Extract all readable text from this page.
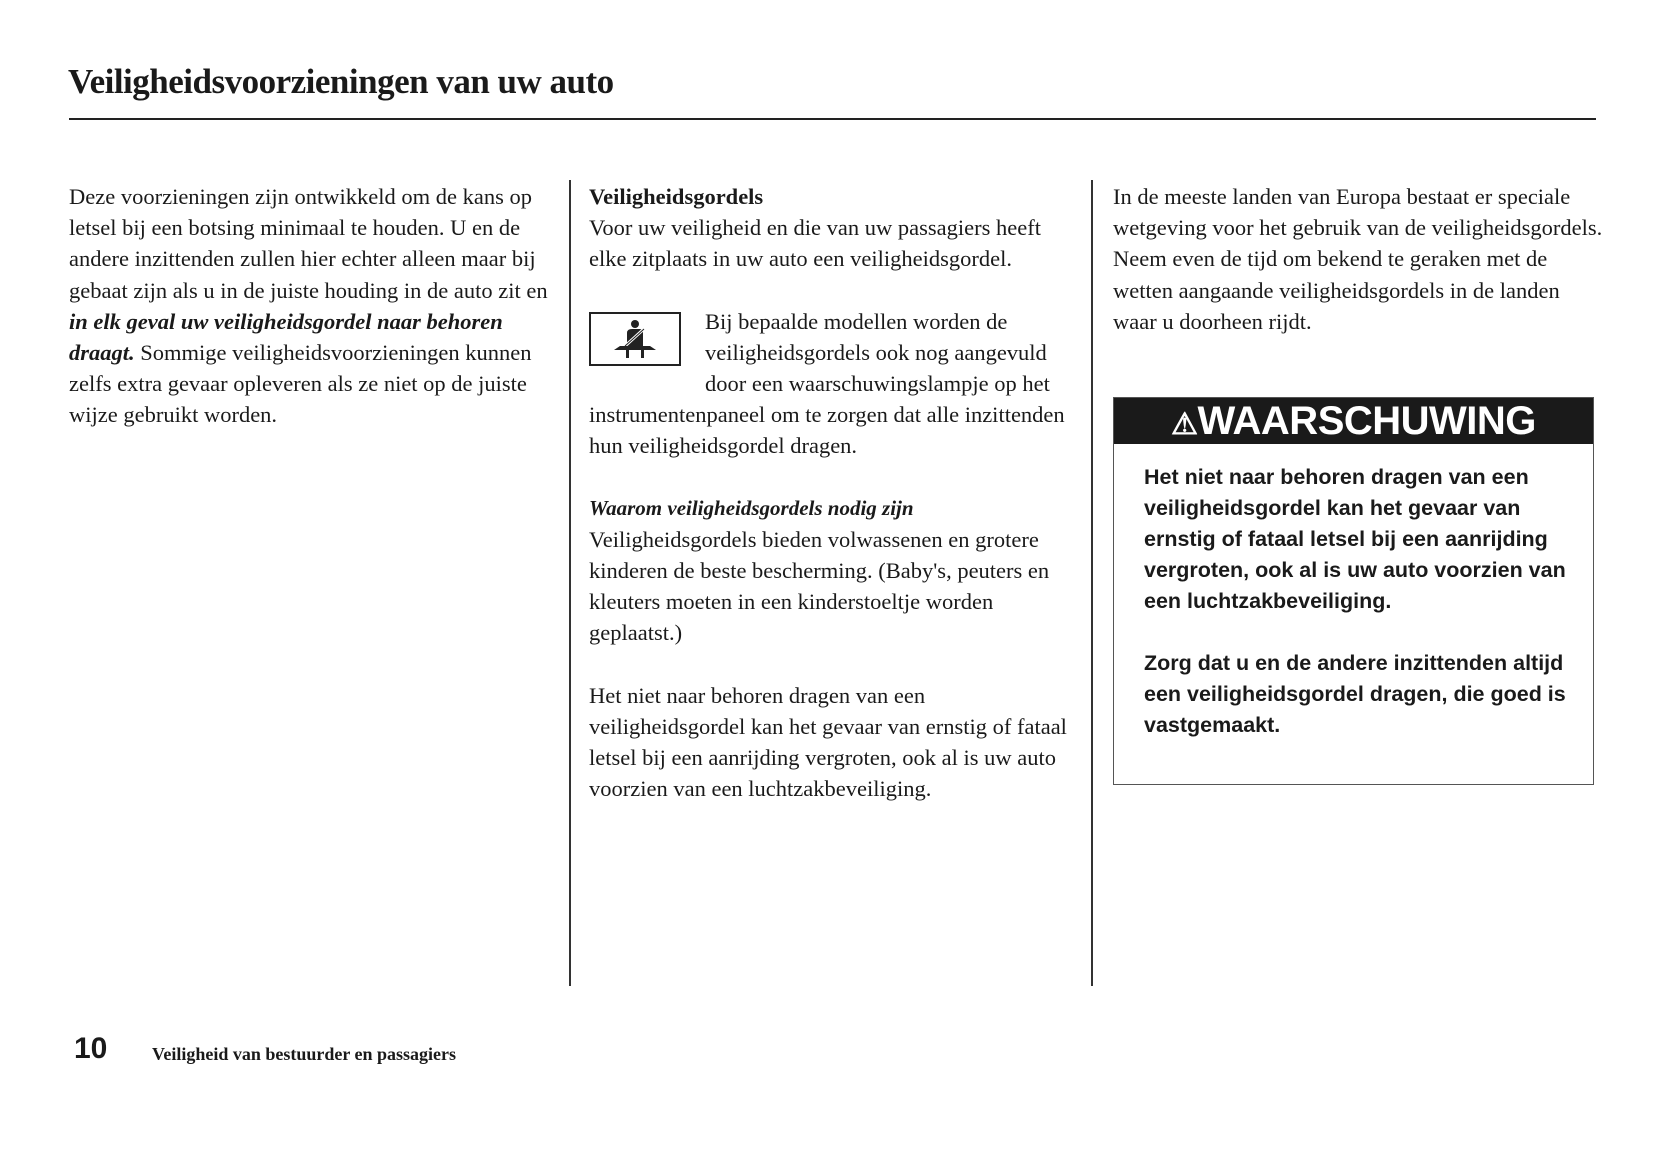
Veiligheidsvoorzieningen van uw auto

Deze voorzieningen zijn ontwikkeld om de kans op letsel bij een botsing minimaal te houden. U en de andere inzittenden zullen hier echter alleen maar bij gebaat zijn als u in de juiste houding in de auto zit en in elk geval uw veiligheidsgordel naar behoren draagt. Sommige veiligheidsvoorzieningen kunnen zelfs extra gevaar opleveren als ze niet op de juiste wijze gebruikt worden.

Veiligheidsgordels

Voor uw veiligheid en die van uw passagiers heeft elke zitplaats in uw auto een veiligheidsgordel.

Bij bepaalde modellen worden de veiligheidsgordels ook nog aangevuld door een waarschuwingslampje op het instrumentenpaneel om te zorgen dat alle inzittenden hun veiligheidsgordel dragen.

Waarom veiligheidsgordels nodig zijn

Veiligheidsgordels bieden volwassenen en grotere kinderen de beste bescherming. (Baby's, peuters en kleuters moeten in een kinderstoeltje worden geplaatst.)

Het niet naar behoren dragen van een veiligheidsgordel kan het gevaar van ernstig of fataal letsel bij een aanrijding vergroten, ook al is uw auto voorzien van een luchtzakbeveiliging.

In de meeste landen van Europa bestaat er speciale wetgeving voor het gebruik van de veiligheidsgordels. Neem even de tijd om bekend te geraken met de wetten aangaande veiligheidsgordels in de landen waar u doorheen rijdt.

⚠WAARSCHUWING

Het niet naar behoren dragen van een veiligheidsgordel kan het gevaar van ernstig of fataal letsel bij een aanrijding vergroten, ook al is uw auto voorzien van een luchtzakbeveiliging.

Zorg dat u en de andere inzittenden altijd een veiligheidsgordel dragen, die goed is vastgemaakt.

10 Veiligheid van bestuurder en passagiers
